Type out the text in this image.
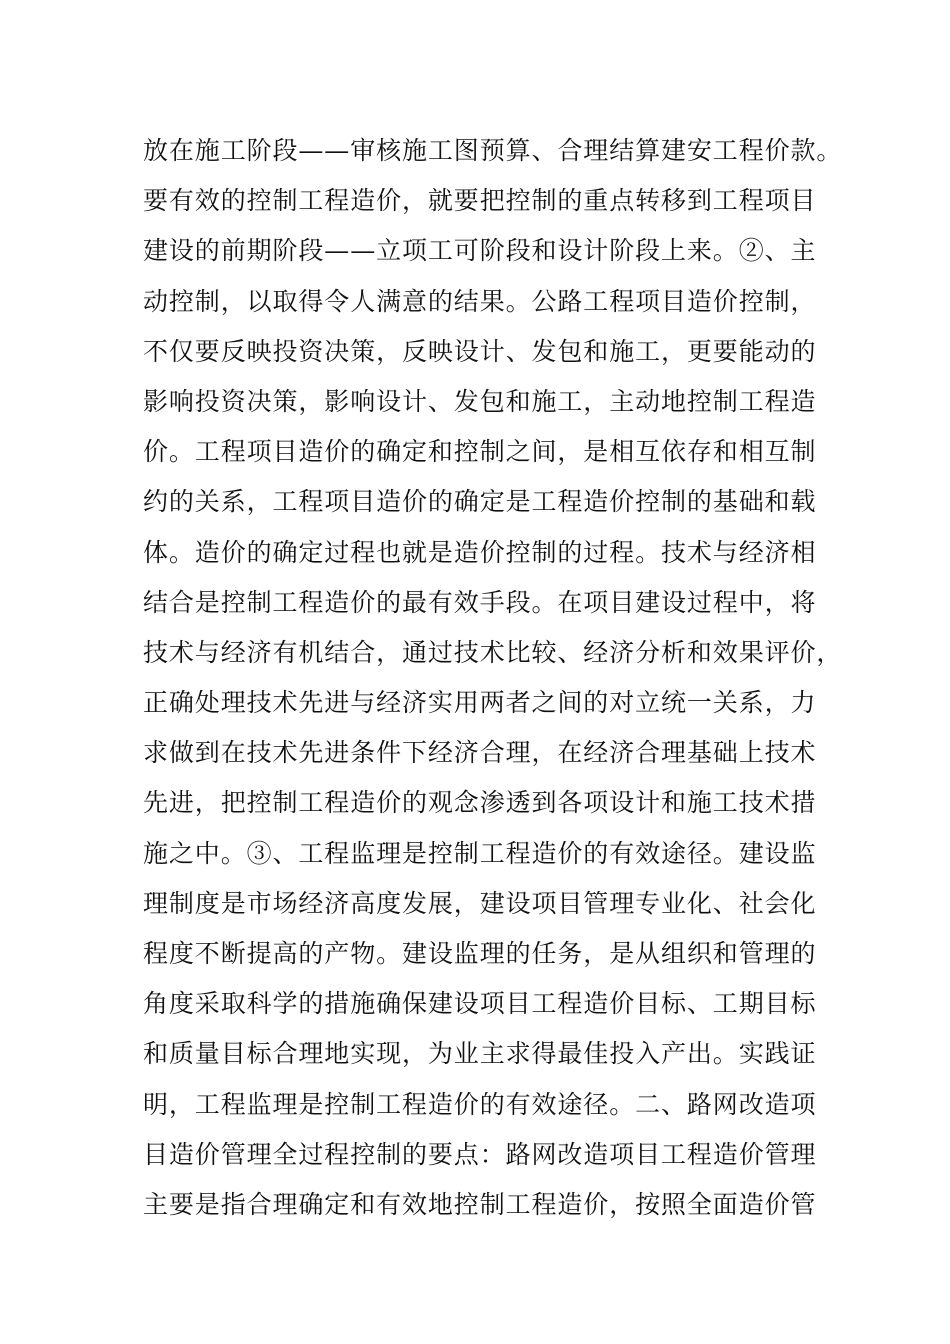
放在施工阶段——审核施工图预算、合理结算建安工程价款。
要有效的控制工程造价，就要把控制的重点转移到工程项目
建设的前期阶段——立项工可阶段和设计阶段上来。②、主
动控制，以取得令人满意的结果。公路工程项目造价控制，
不仅要反映投资决策，反映设计、发包和施工，更要能动的
影响投资决策，影响设计、发包和施工，主动地控制工程造
价。工程项目造价的确定和控制之间，是相互依存和相互制
约的关系，工程项目造价的确定是工程造价控制的基础和载
体。造价的确定过程也就是造价控制的过程。技术与经济相
结合是控制工程造价的最有效手段。在项目建设过程中，将
技术与经济有机结合，通过技术比较、经济分析和效果评价，
正确处理技术先进与经济实用两者之间的对立统一关系，力
求做到在技术先进条件下经济合理，在经济合理基础上技术
先进，把控制工程造价的观念渗透到各项设计和施工技术措
施之中。③、工程监理是控制工程造价的有效途径。建设监
理制度是市场经济高度发展，建设项目管理专业化、社会化
程度不断提高的产物。建设监理的任务，是从组织和管理的
角度采取科学的措施确保建设项目工程造价目标、工期目标
和质量目标合理地实现，为业主求得最佳投入产出。实践证
明，工程监理是控制工程造价的有效途径。二、路网改造项
目造价管理全过程控制的要点：路网改造项目工程造价管理
主要是指合理确定和有效地控制工程造价，按照全面造价管
